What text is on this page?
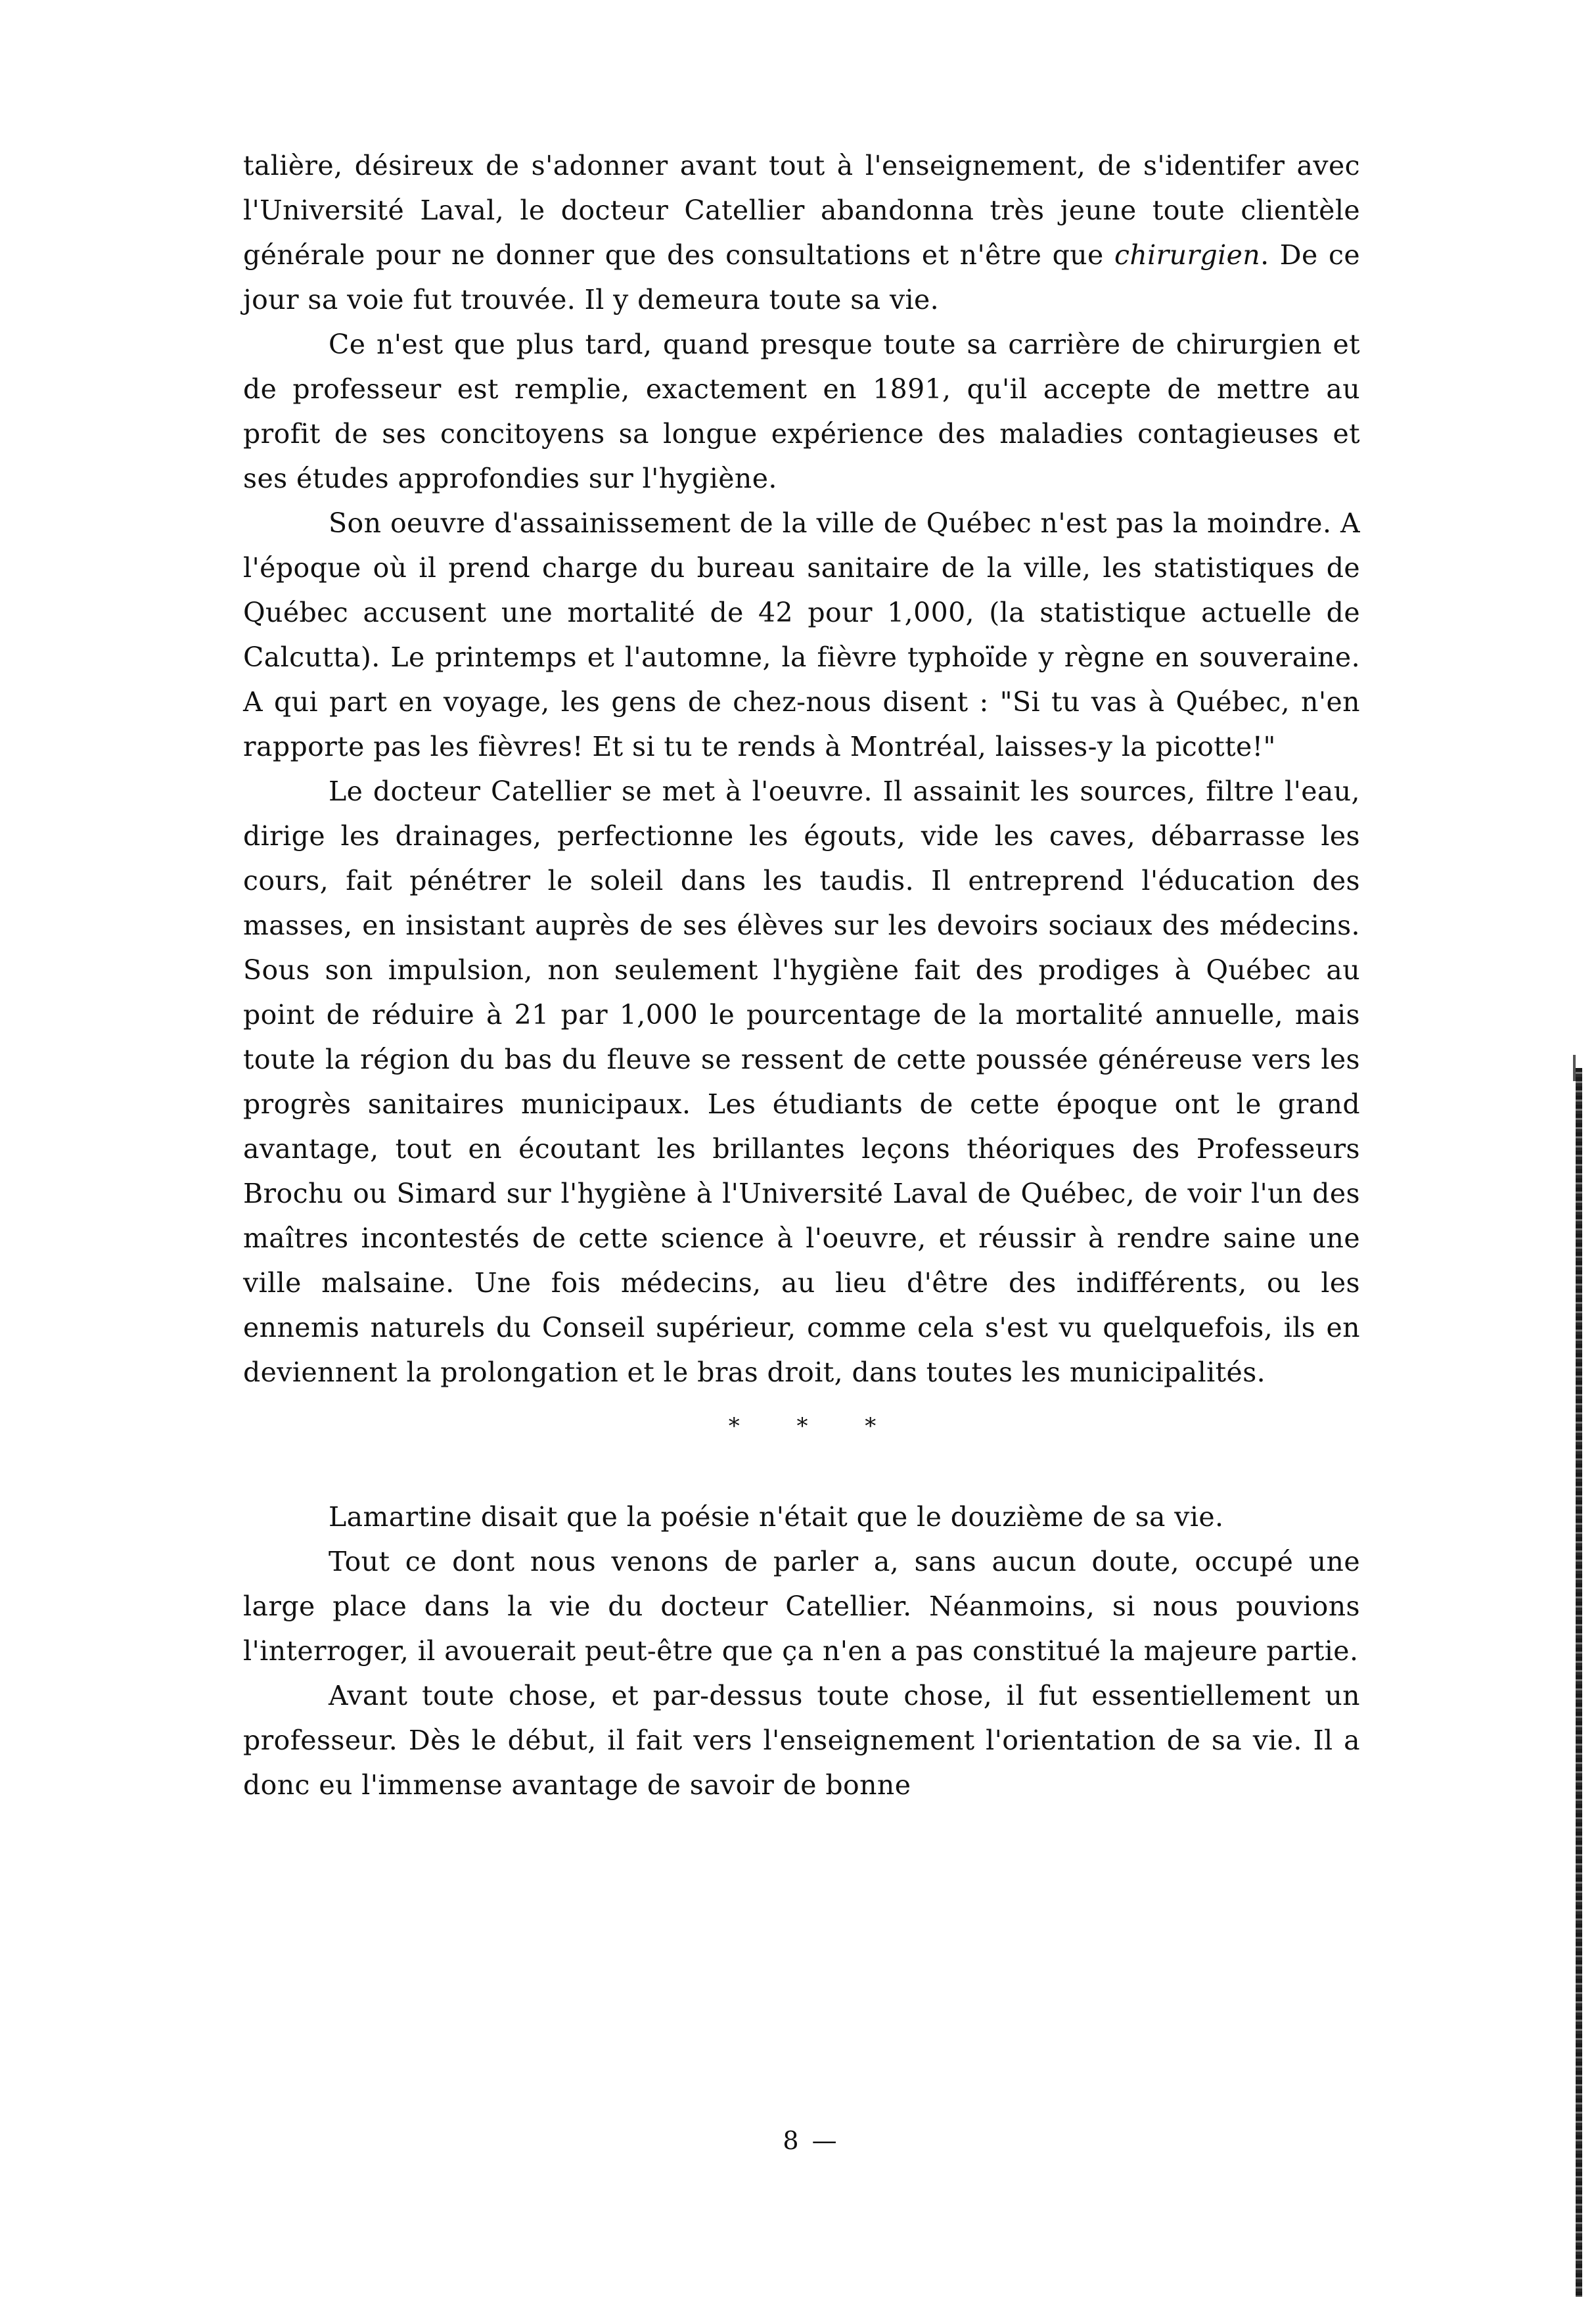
talière, désireux de s'adonner avant tout à l'enseignement, de s'identifer avec l'Université Laval, le docteur Catellier abandonna très jeune toute clientèle générale pour ne donner que des consultations et n'être que chirurgien. De ce jour sa voie fut trouvée. Il y demeura toute sa vie.

Ce n'est que plus tard, quand presque toute sa carrière de chirurgien et de professeur est remplie, exactement en 1891, qu'il accepte de mettre au profit de ses concitoyens sa longue expérience des maladies contagieuses et ses études approfondies sur l'hygiène.

Son oeuvre d'assainissement de la ville de Québec n'est pas la moindre. A l'époque où il prend charge du bureau sanitaire de la ville, les statistiques de Québec accusent une mortalité de 42 pour 1,000, (la statistique actuelle de Calcutta). Le printemps et l'automne, la fièvre typhoïde y règne en souveraine. A qui part en voyage, les gens de chez-nous disent : "Si tu vas à Québec, n'en rapporte pas les fièvres! Et si tu te rends à Montréal, laisses-y la picotte!"

Le docteur Catellier se met à l'oeuvre. Il assainit les sources, filtre l'eau, dirige les drainages, perfectionne les égouts, vide les caves, débarrasse les cours, fait pénétrer le soleil dans les taudis. Il entreprend l'éducation des masses, en insistant auprès de ses élèves sur les devoirs sociaux des médecins. Sous son impulsion, non seulement l'hygiène fait des prodiges à Québec au point de réduire à 21 par 1,000 le pourcentage de la mortalité annuelle, mais toute la région du bas du fleuve se ressent de cette poussée généreuse vers les progrès sanitaires municipaux. Les étudiants de cette époque ont le grand avantage, tout en écoutant les brillantes leçons théoriques des Professeurs Brochu ou Simard sur l'hygiène à l'Université Laval de Québec, de voir l'un des maîtres incontestés de cette science à l'oeuvre, et réussir à rendre saine une ville malsaine. Une fois médecins, au lieu d'être des indifférents, ou les ennemis naturels du Conseil supérieur, comme cela s'est vu quelquefois, ils en deviennent la prolongation et le bras droit, dans toutes les municipalités.

* * *

Lamartine disait que la poésie n'était que le douzième de sa vie.

Tout ce dont nous venons de parler a, sans aucun doute, occupé une large place dans la vie du docteur Catellier. Néanmoins, si nous pouvions l'interroger, il avouerait peut-être que ça n'en a pas constitué la majeure partie.

Avant toute chose, et par-dessus toute chose, il fut essentiellement un professeur. Dès le début, il fait vers l'enseignement l'orientation de sa vie. Il a donc eu l'immense avantage de savoir de bonne

8 —
